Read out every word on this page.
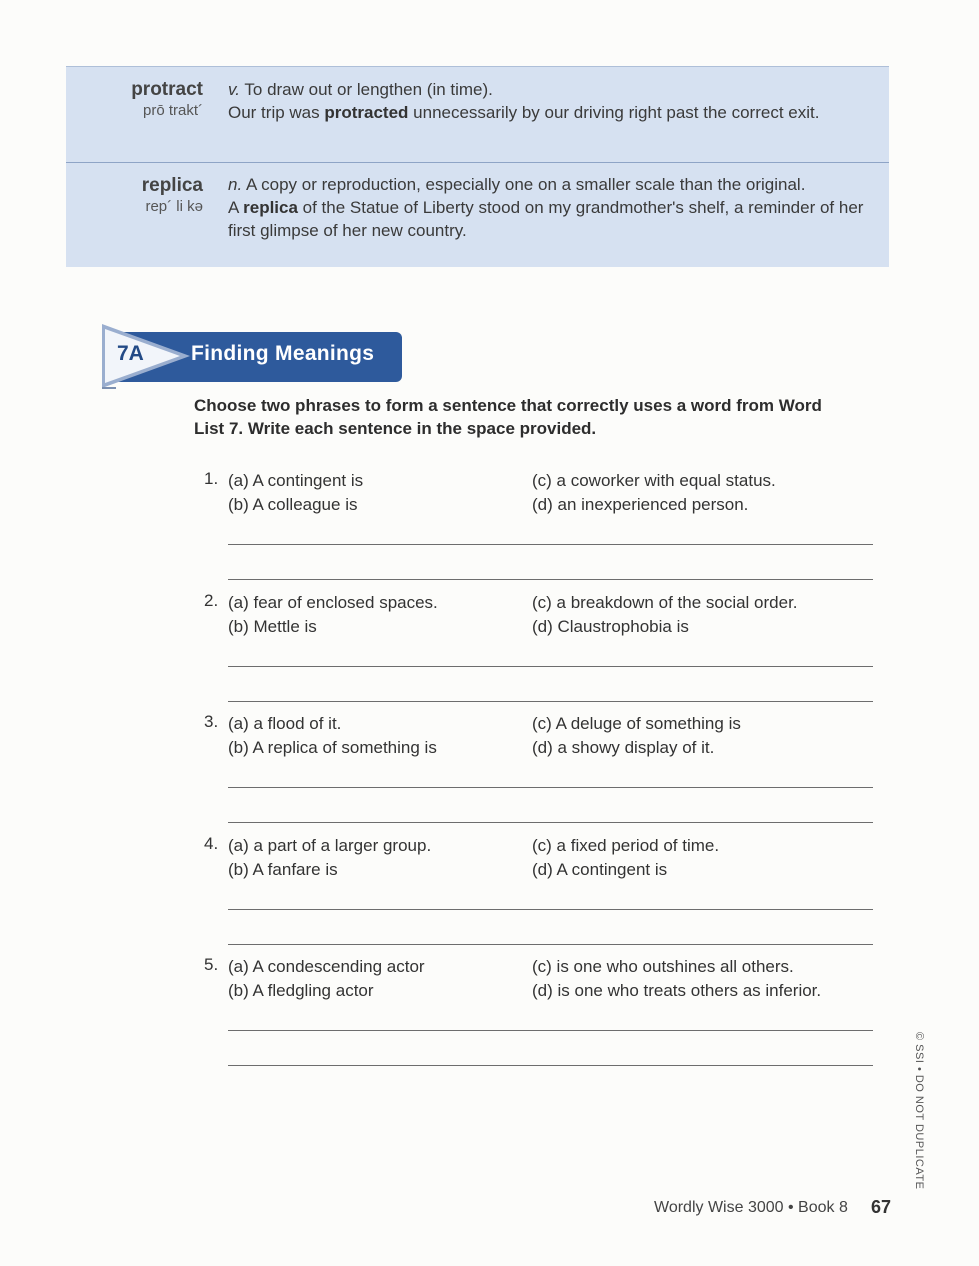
protract
prō trakt´
v. To draw out or lengthen (in time).
Our trip was protracted unnecessarily by our driving right past the correct exit.
replica
rep´ li kə
n. A copy or reproduction, especially one on a smaller scale than the original.
A replica of the Statue of Liberty stood on my grandmother's shelf, a reminder of her first glimpse of her new country.
7A Finding Meanings
Choose two phrases to form a sentence that correctly uses a word from Word List 7. Write each sentence in the space provided.
1. (a) A contingent is
(b) A colleague is
(c) a coworker with equal status.
(d) an inexperienced person.
2. (a) fear of enclosed spaces.
(b) Mettle is
(c) a breakdown of the social order.
(d) Claustrophobia is
3. (a) a flood of it.
(b) A replica of something is
(c) A deluge of something is
(d) a showy display of it.
4. (a) a part of a larger group.
(b) A fanfare is
(c) a fixed period of time.
(d) A contingent is
5. (a) A condescending actor
(b) A fledgling actor
(c) is one who outshines all others.
(d) is one who treats others as inferior.
© SSI • DO NOT DUPLICATE
Wordly Wise 3000 • Book 8 67
